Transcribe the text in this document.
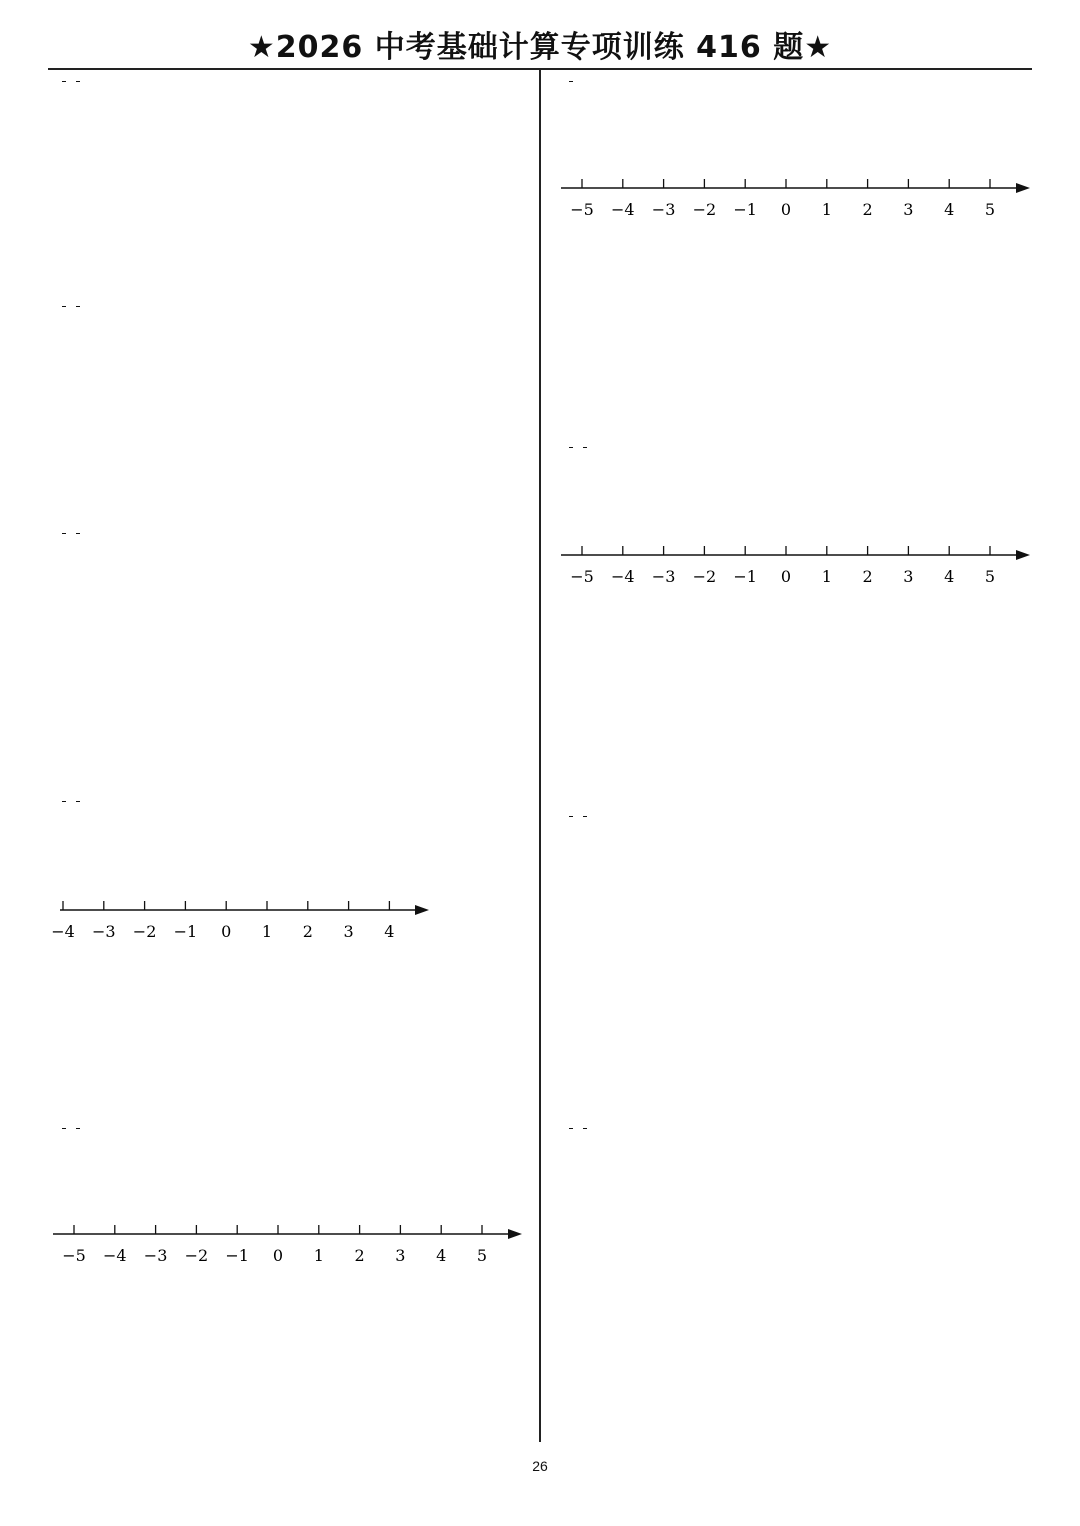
★2026 中考基础计算专项训练 416 题★
−4 −3 −2 −1 0 1 2 3 4
−5 −4 −3 −2 −1 0 1 2 3 4 5
−5 −4 −3 −2 −1 0 1 2 3 4 5
−5 −4 −3 −2 −1 0 1 2 3 4 5
26
